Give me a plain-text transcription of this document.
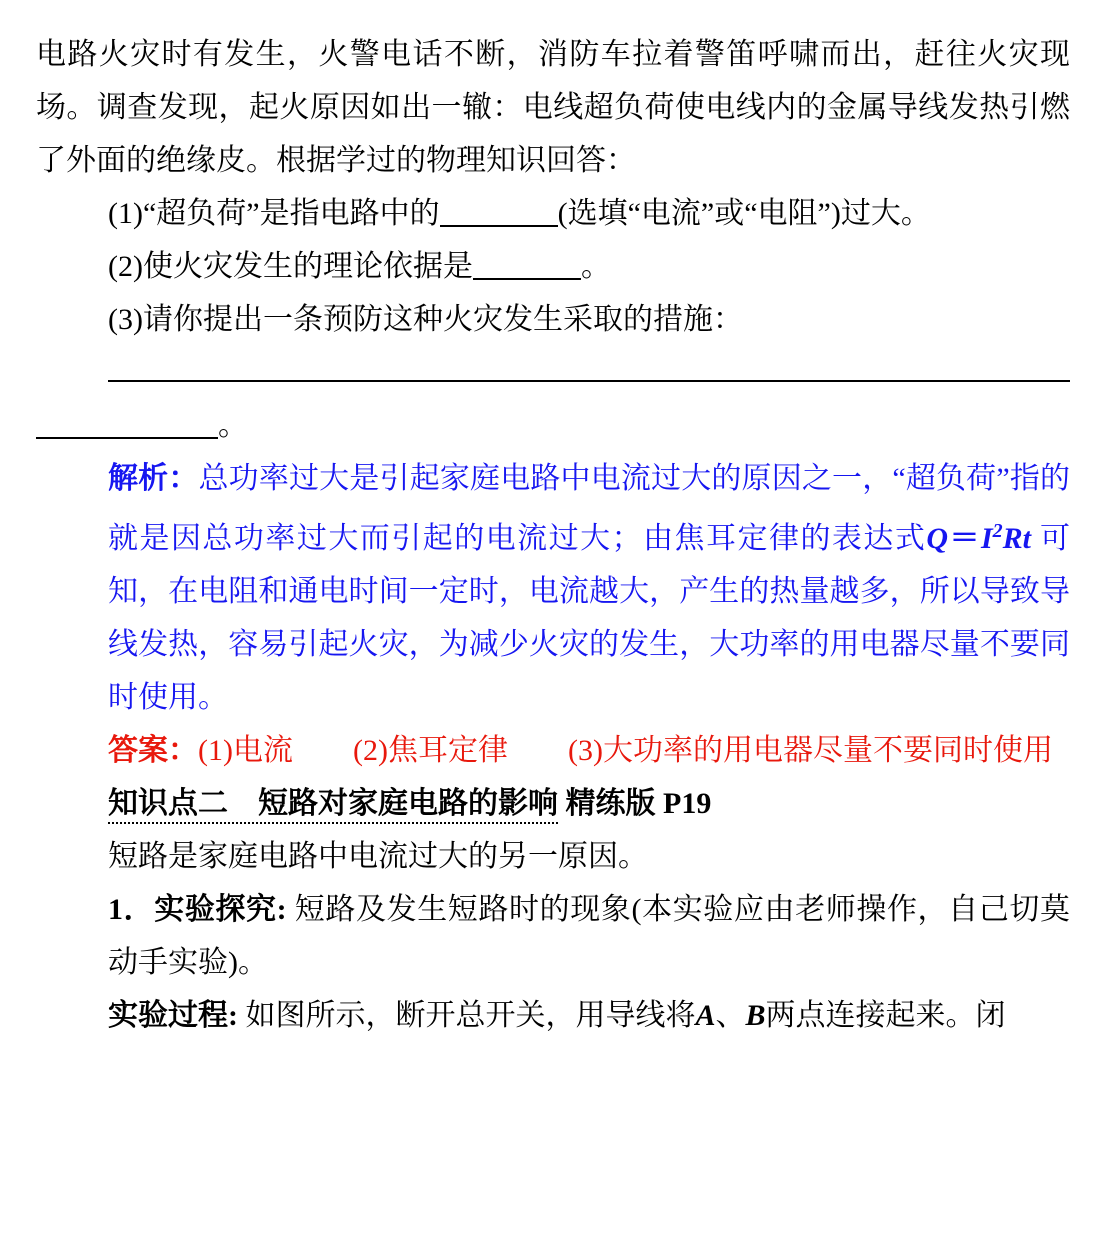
电路火灾时有发生，火警电话不断，消防车拉着警笛呼啸而出，赶往火灾现场。调查发现，起火原因如出一辙：电线超负荷使电线内的金属导线发热引燃了外面的绝缘皮。根据学过的物理知识回答：

(1)“超负荷”是指电路中的	(选填“电流”或“电阻”)过大。

(2)使火灾发生的理论依据是	。

(3)请你提出一条预防这种火灾发生采取的措施：

。

解析：总功率过大是引起家庭电路中电流过大的原因之一，“超负荷”指的就是因总功率过大而引起的电流过大；由焦耳定律的表达式$Q=I^2Rt$ 可知，在电阻和通电时间一定时，电流越大，产生的热量越多，所以导致导线发热，容易引起火灾，为减少火灾的发生，大功率的用电器尽量不要同时使用。

答案：(1)电流　　 (2)焦耳定律　　 (3)大功率的用电器尽量不要同时使用

知识点二　短路对家庭电路的影响 精练版 P19

短路是家庭电路中电流过大的另一原因。

1．实验探究: 短路及发生短路时的现象(本实验应由老师操作，自己切莫动手实验)。

实验过程: 如图所示，断开总开关，用导线将A、B两点连接起来。闭
